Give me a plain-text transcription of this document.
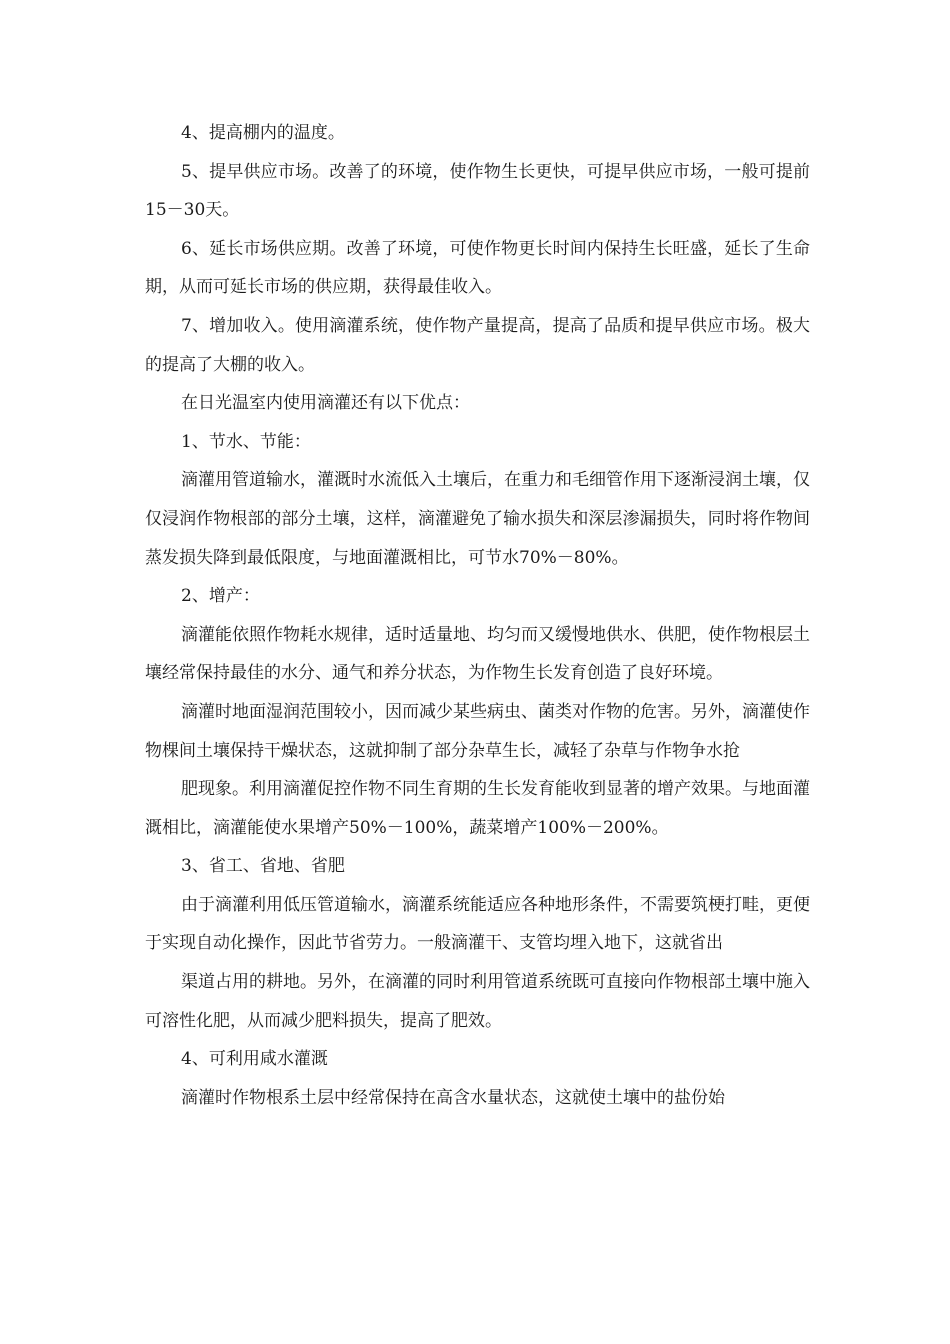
4、提高棚内的温度。

5、提早供应市场。改善了的环境，使作物生长更快，可提早供应市场，一般可提前15－30天。

6、延长市场供应期。改善了环境，可使作物更长时间内保持生长旺盛，延长了生命期，从而可延长市场的供应期，获得最佳收入。

7、增加收入。使用滴灌系统，使作物产量提高，提高了品质和提早供应市场。极大的提高了大棚的收入。

在日光温室内使用滴灌还有以下优点：

1、节水、节能：

滴灌用管道输水，灌溉时水流低入土壤后，在重力和毛细管作用下逐渐浸润土壤，仅仅浸润作物根部的部分土壤，这样，滴灌避免了输水损失和深层渗漏损失，同时将作物间蒸发损失降到最低限度，与地面灌溉相比，可节水70%－80%。

2、增产：

滴灌能依照作物耗水规律，适时适量地、均匀而又缓慢地供水、供肥，使作物根层土壤经常保持最佳的水分、通气和养分状态，为作物生长发育创造了良好环境。

滴灌时地面湿润范围较小，因而减少某些病虫、菌类对作物的危害。另外，滴灌使作物棵间土壤保持干燥状态，这就抑制了部分杂草生长，减轻了杂草与作物争水抢

肥现象。利用滴灌促控作物不同生育期的生长发育能收到显著的增产效果。与地面灌溉相比，滴灌能使水果增产50%－100%，蔬菜增产100%－200%。

3、省工、省地、省肥

由于滴灌利用低压管道输水，滴灌系统能适应各种地形条件，不需要筑梗打畦，更便于实现自动化操作，因此节省劳力。一般滴灌干、支管均埋入地下，这就省出

渠道占用的耕地。另外，在滴灌的同时利用管道系统既可直接向作物根部土壤中施入可溶性化肥，从而减少肥料损失，提高了肥效。

4、可利用咸水灌溉

滴灌时作物根系土层中经常保持在高含水量状态，这就使土壤中的盐份始
